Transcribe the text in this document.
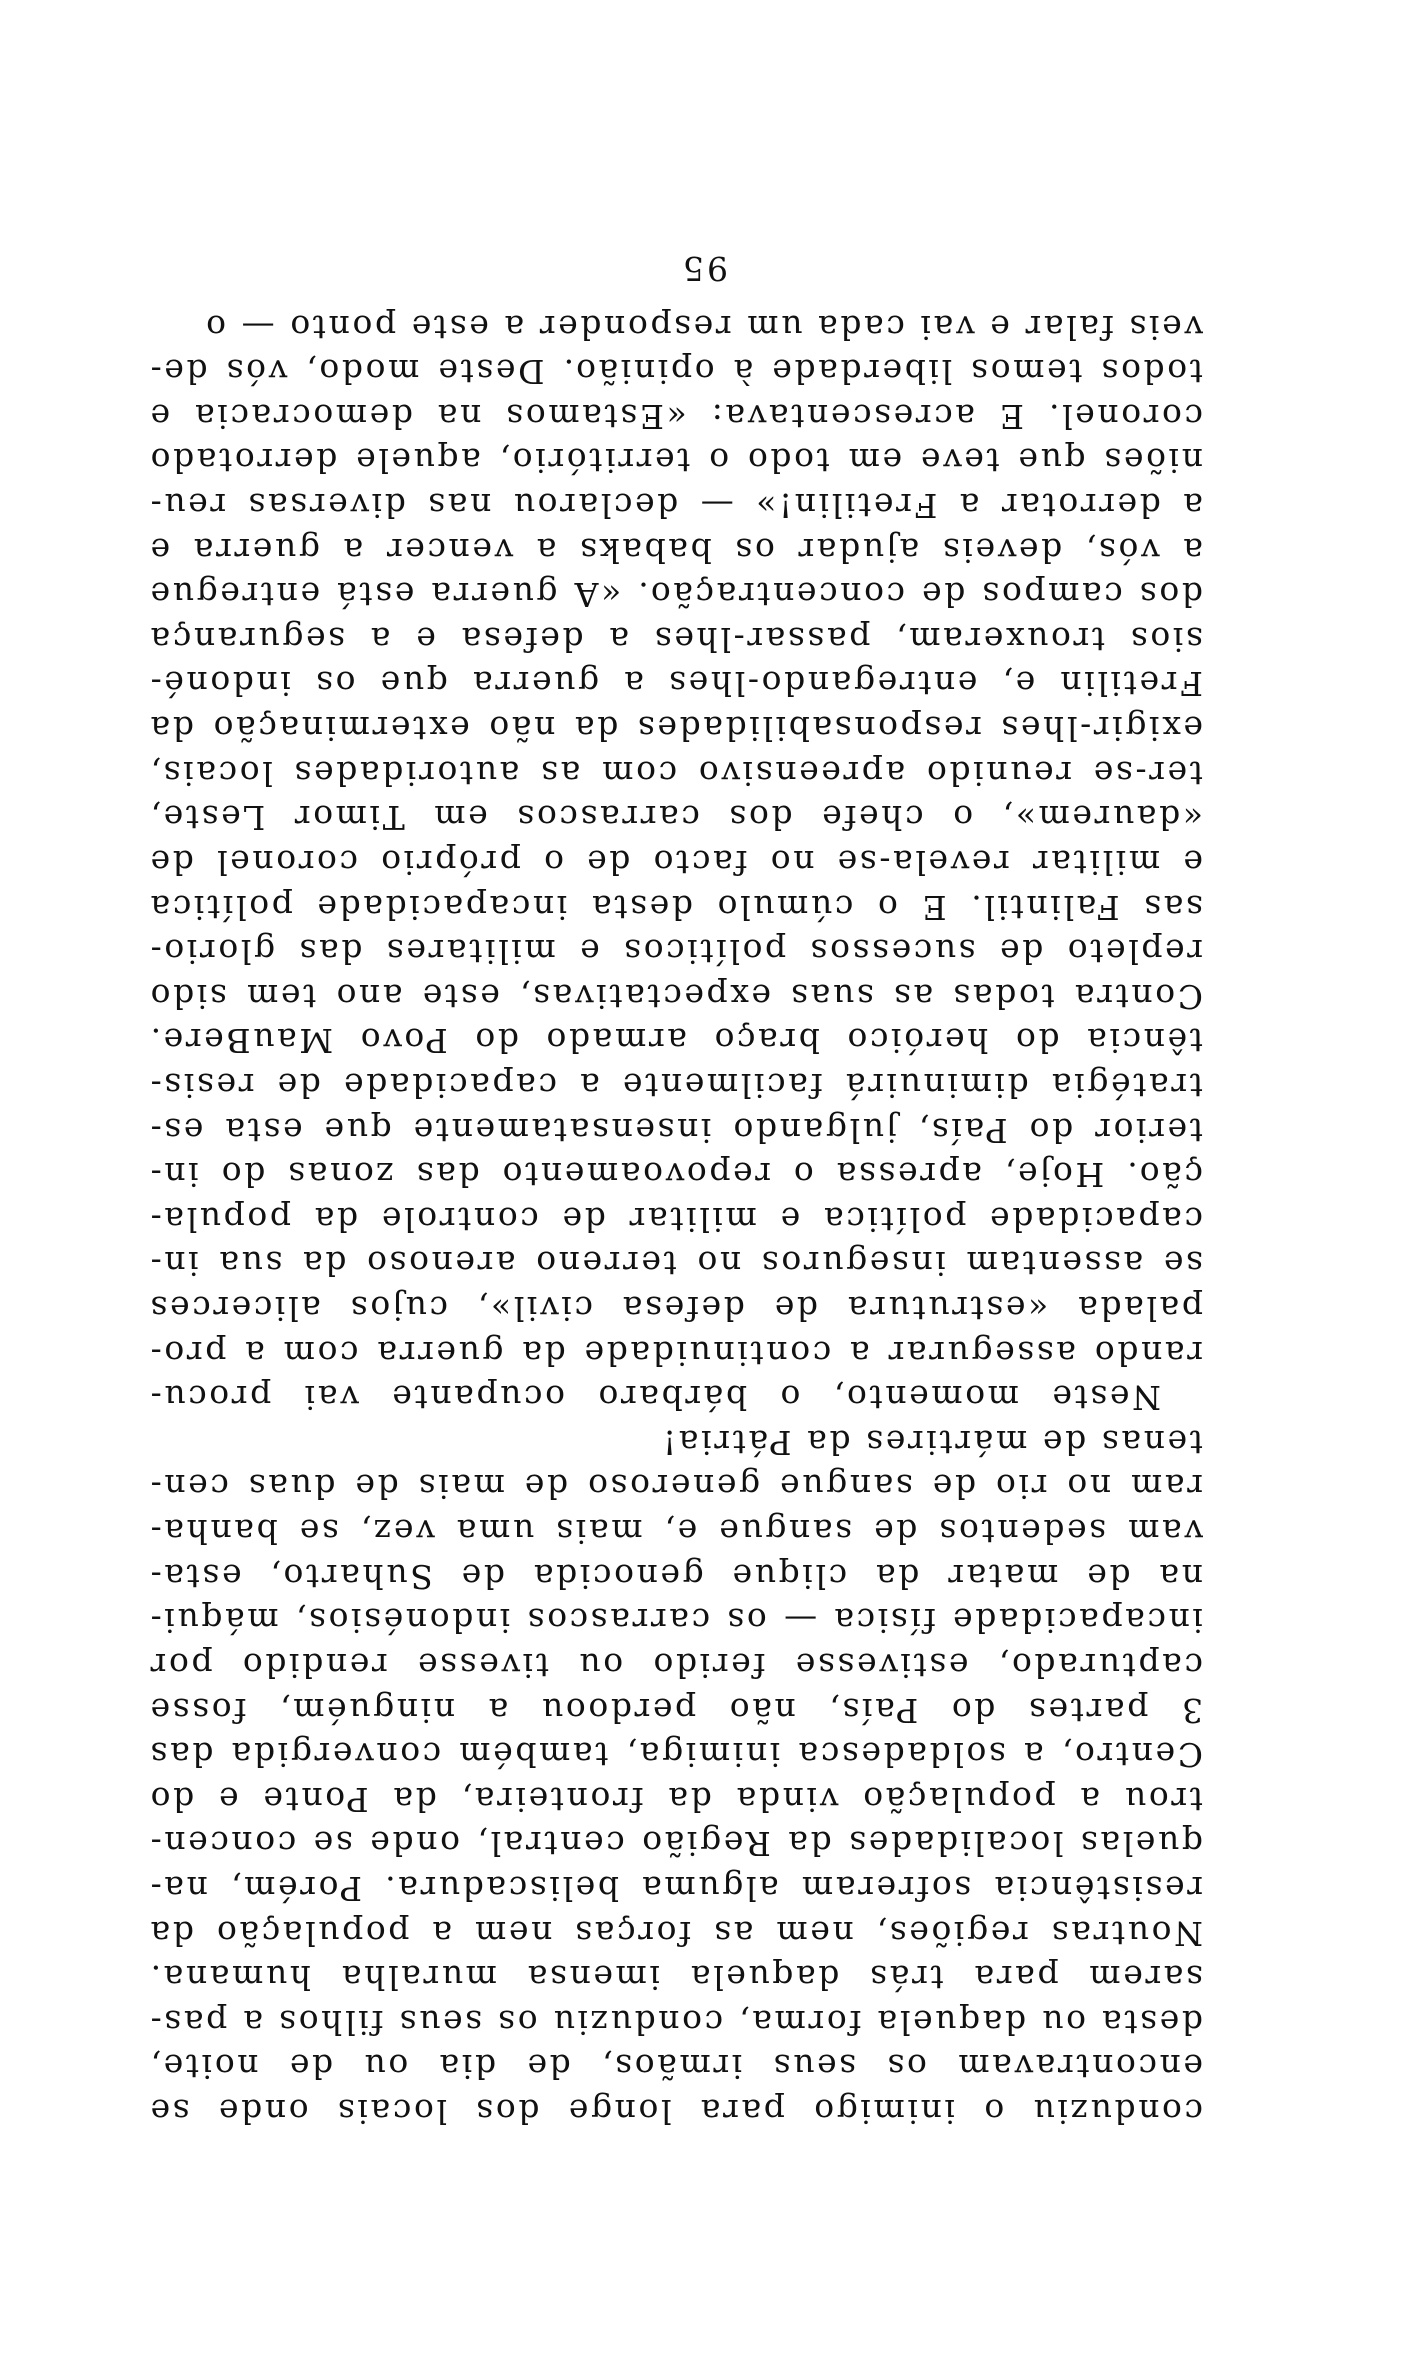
conduziu o inimigo para longe dos locais onde se
encontravam os seus irmãos, de dia ou de noite,
desta ou daquela forma, conduziu os seus filhos a pas-
sarem para trás daquela imensa muralha humana.
Noutras regiões, nem as forças nem a população da
resistência sofreram alguma beliscadura. Porém, na-
quelas localidades da Região central, onde se concen-
trou a população vinda da fronteira, da Ponte e do
Centro, a soldadesca inimiga, também convergida das
3 partes do País, não perdoou a ninguém, fosse
capturado, estivesse ferido ou tivesse rendido por
incapacidade física — os carrascos indonésios, máqui-
na de matar da clique genocida de Suharto, esta-
vam sedentos de sangue e, mais uma vez, se banha-
ram no rio de sangue generoso de mais de duas cen-
tenas de mártires da Pátria!
Neste momento, o bárbaro ocupante vai procu-
rando assegurar a continuidade da guerra com a pro-
palada «estrutura de defesa civil», cujos alicerces
se assentam inseguros no terreno arenoso da sua in-
capacidade política e militar de controle da popula-
ção. Hoje, apressa o repovoamento das zonas do in-
terior do País, julgando insensatamente que esta es-
tratégia diminuirá facilmente a capacidade de resis-
tência do heróico braço armado do Povo MauBere.
Contra todas as suas expectativas, este ano tem sido
repleto de sucessos políticos e militares das glorio-
sas Falintil. E o cúmulo desta incapacidade política
e militar revela-se no facto de o próprio coronel de
«daurem», o chefe dos carrascos em Timor Leste,
ter-se reunido apreensivo com as autoridades locais,
exigir-lhes responsabilidades da não exterminação da
Fretilin e, entregando-lhes a guerra que os indoné-
sios trouxeram, passar-lhes a defesa e a segurança
dos campos de concentração. «A guerra está entregue
a vós, deveis ajudar os babaks a vencer a guerra e
a derrotar a Fretilin!» — declarou nas diversas reu-
niões que teve em todo o território, aquele derrotado
coronel. E acrescentava: «Estamos na democracia e
todos temos liberdade à opinião. Deste modo, vós de-
veis falar e vai cada um responder a este ponto — o
95
